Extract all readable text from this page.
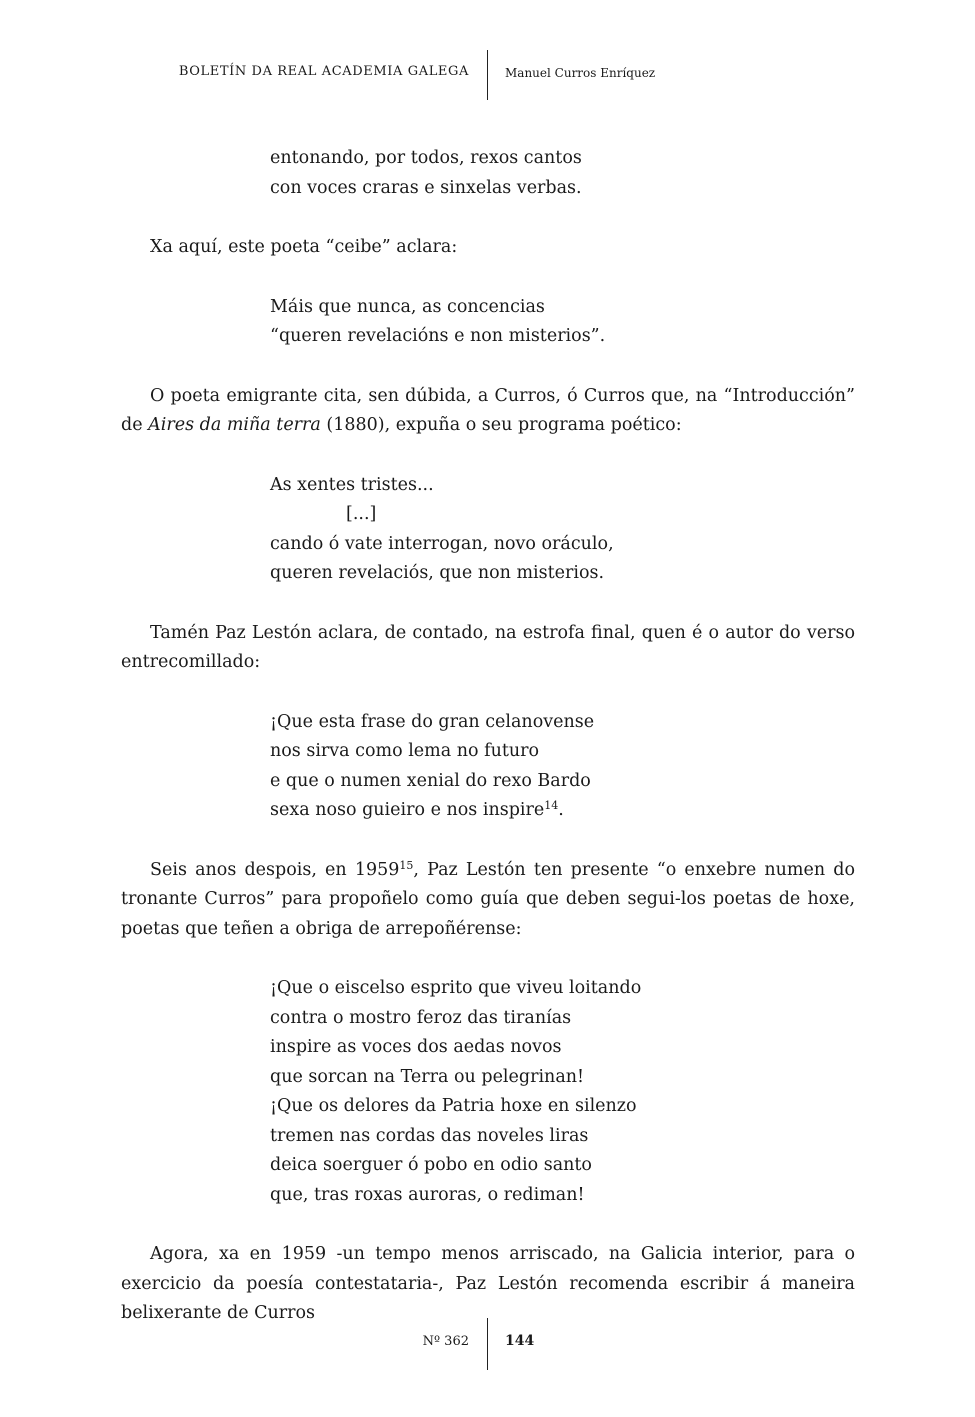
BOLETÍN DA REAL ACADEMIA GALEGA	Manuel Curros Enríquez
entonando, por todos, rexos cantos
con voces craras e sinxelas verbas.
Xa aquí, este poeta “ceibe” aclara:
Máis que nunca, as concencias
“queren revelacións e non misterios”.
O poeta emigrante cita, sen dúbida, a Curros, ó Curros que, na “Introducción” de Aires da miña terra (1880), expuña o seu programa poético:
As xentes tristes...
[...]
cando ó vate interrogan, novo oráculo,
queren revelaciós, que non misterios.
Tamén Paz Lestón aclara, de contado, na estrofa final, quen é o autor do verso entrecomillado:
¡Que esta frase do gran celanovense
nos sirva como lema no futuro
e que o numen xenial do rexo Bardo
sexa noso guieiro e nos inspire$^{14}$.
Seis anos despois, en 1959$^{15}$, Paz Lestón ten presente “o enxebre numen do tronante Curros” para propoñelo como guía que deben segui-los poetas de hoxe, poetas que teñen a obriga de arrepoñérense:
¡Que o eiscelso esprito que viveu loitando
contra o mostro feroz das tiranías
inspire as voces dos aedas novos
que sorcan na Terra ou pelegrinan!
¡Que os delores da Patria hoxe en silenzo
tremen nas cordas das noveles liras
deica soerguer ó pobo en odio santo
que, tras roxas auroras, o rediman!
Agora, xa en 1959 -un tempo menos arriscado, na Galicia interior, para o exercicio da poesía contestataria-, Paz Lestón recomenda escribir á maneira belixerante de Curros
Nº 362	144
